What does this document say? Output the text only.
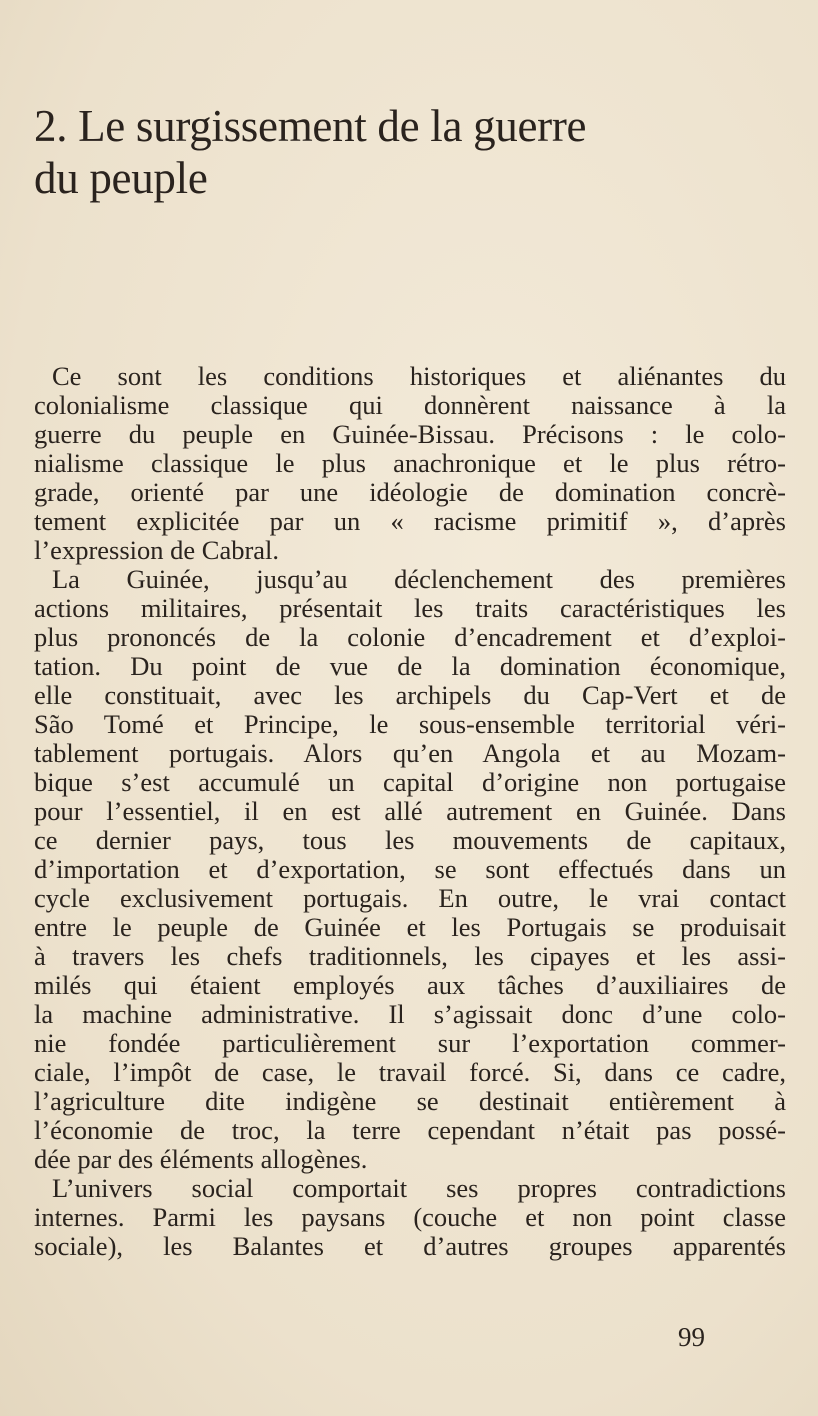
2. Le surgissement de la guerre
du peuple
Ce sont les conditions historiques et aliénantes du
colonialisme classique qui donnèrent naissance à la
guerre du peuple en Guinée-Bissau. Précisons : le colo-
nialisme classique le plus anachronique et le plus rétro-
grade, orienté par une idéologie de domination concrè-
tement explicitée par un « racisme primitif », d’après
l’expression de Cabral.
La Guinée, jusqu’au déclenchement des premières
actions militaires, présentait les traits caractéristiques les
plus prononcés de la colonie d’encadrement et d’exploi-
tation. Du point de vue de la domination économique,
elle constituait, avec les archipels du Cap-Vert et de
São Tomé et Principe, le sous-ensemble territorial véri-
tablement portugais. Alors qu’en Angola et au Mozam-
bique s’est accumulé un capital d’origine non portugaise
pour l’essentiel, il en est allé autrement en Guinée. Dans
ce dernier pays, tous les mouvements de capitaux,
d’importation et d’exportation, se sont effectués dans un
cycle exclusivement portugais. En outre, le vrai contact
entre le peuple de Guinée et les Portugais se produisait
à travers les chefs traditionnels, les cipayes et les assi-
milés qui étaient employés aux tâches d’auxiliaires de
la machine administrative. Il s’agissait donc d’une colo-
nie fondée particulièrement sur l’exportation commer-
ciale, l’impôt de case, le travail forcé. Si, dans ce cadre,
l’agriculture dite indigène se destinait entièrement à
l’économie de troc, la terre cependant n’était pas possé-
dée par des éléments allogènes.
L’univers social comportait ses propres contradictions
internes. Parmi les paysans (couche et non point classe
sociale), les Balantes et d’autres groupes apparentés
99
